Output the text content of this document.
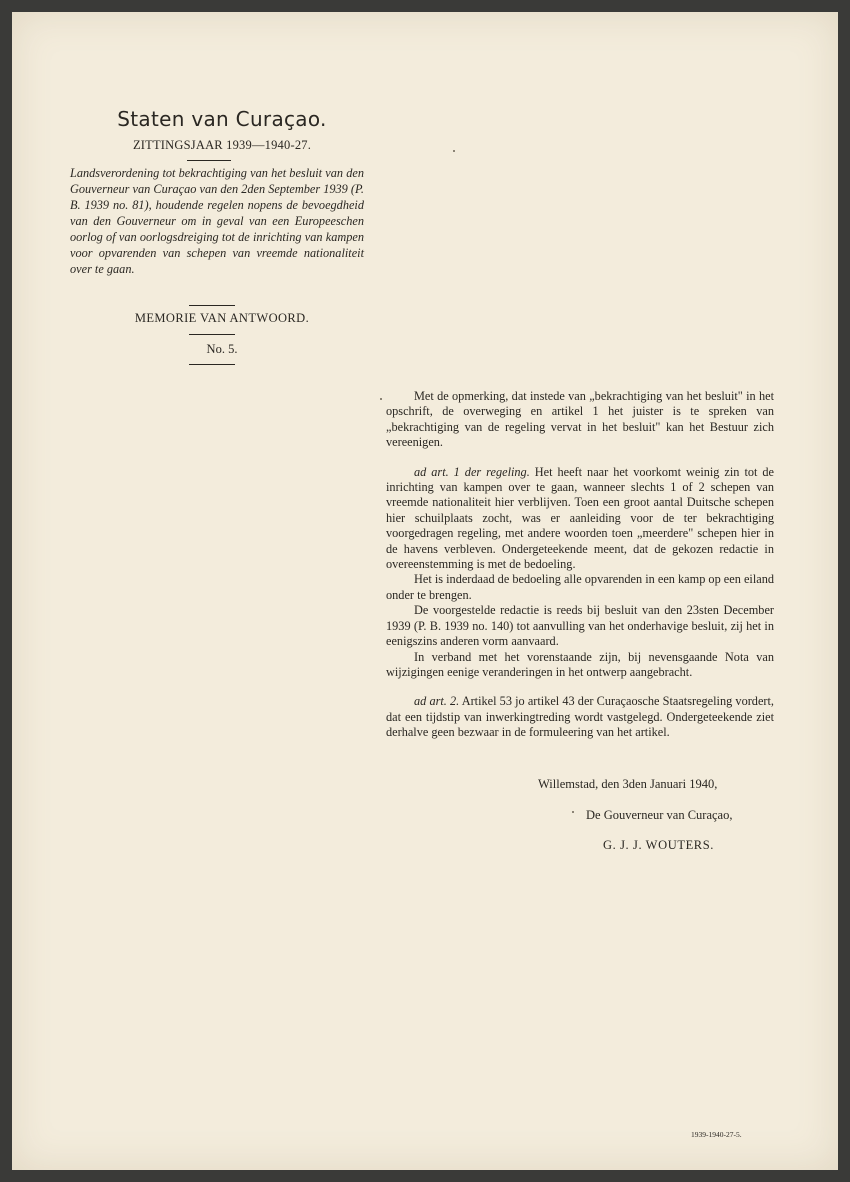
Staten van Curaçao.
ZITTINGSJAAR 1939—1940-27.

Landsverordening tot bekrachtiging van het besluit van den Gouverneur van Curaçao van den 2den September 1939 (P. B. 1939 no. 81), houdende regelen nopens de bevoegdheid van den Gouverneur om in geval van een Europeeschen oorlog of van oorlogsdreiging tot de inrichting van kampen voor opvarenden van schepen van vreemde nationaliteit over te gaan.

MEMORIE VAN ANTWOORD.
No. 5.

Met de opmerking, dat instede van „bekrachtiging van het besluit" in het opschrift, de overweging en artikel 1 het juister is te spreken van „bekrachtiging van de regeling vervat in het besluit" kan het Bestuur zich vereenigen.

ad art. 1 der regeling. Het heeft naar het voorkomt weinig zin tot de inrichting van kampen over te gaan, wanneer slechts 1 of 2 schepen van vreemde nationaliteit hier verblijven. Toen een groot aantal Duitsche schepen hier schuilplaats zocht, was er aanleiding voor de ter bekrachtiging voorgedragen regeling, met andere woorden toen „meerdere" schepen hier in de havens verbleven. Ondergeteekende meent, dat de gekozen redactie in overeenstemming is met de bedoeling.

Het is inderdaad de bedoeling alle opvarenden in een kamp op een eiland onder te brengen.

De voorgestelde redactie is reeds bij besluit van den 23sten December 1939 (P. B. 1939 no. 140) tot aanvulling van het onderhavige besluit, zij het in eenigszins anderen vorm aanvaard.

In verband met het vorenstaande zijn, bij nevensgaande Nota van wijzigingen eenige veranderingen in het ontwerp aangebracht.

ad art. 2. Artikel 53 jo artikel 43 der Curaçaosche Staatsregeling vordert, dat een tijdstip van inwerkingtreding wordt vastgelegd. Ondergeteekende ziet derhalve geen bezwaar in de formuleering van het artikel.

Willemstad, den 3den Januari 1940,
De Gouverneur van Curaçao,
G. J. J. WOUTERS.
1939-1940-27-5.
